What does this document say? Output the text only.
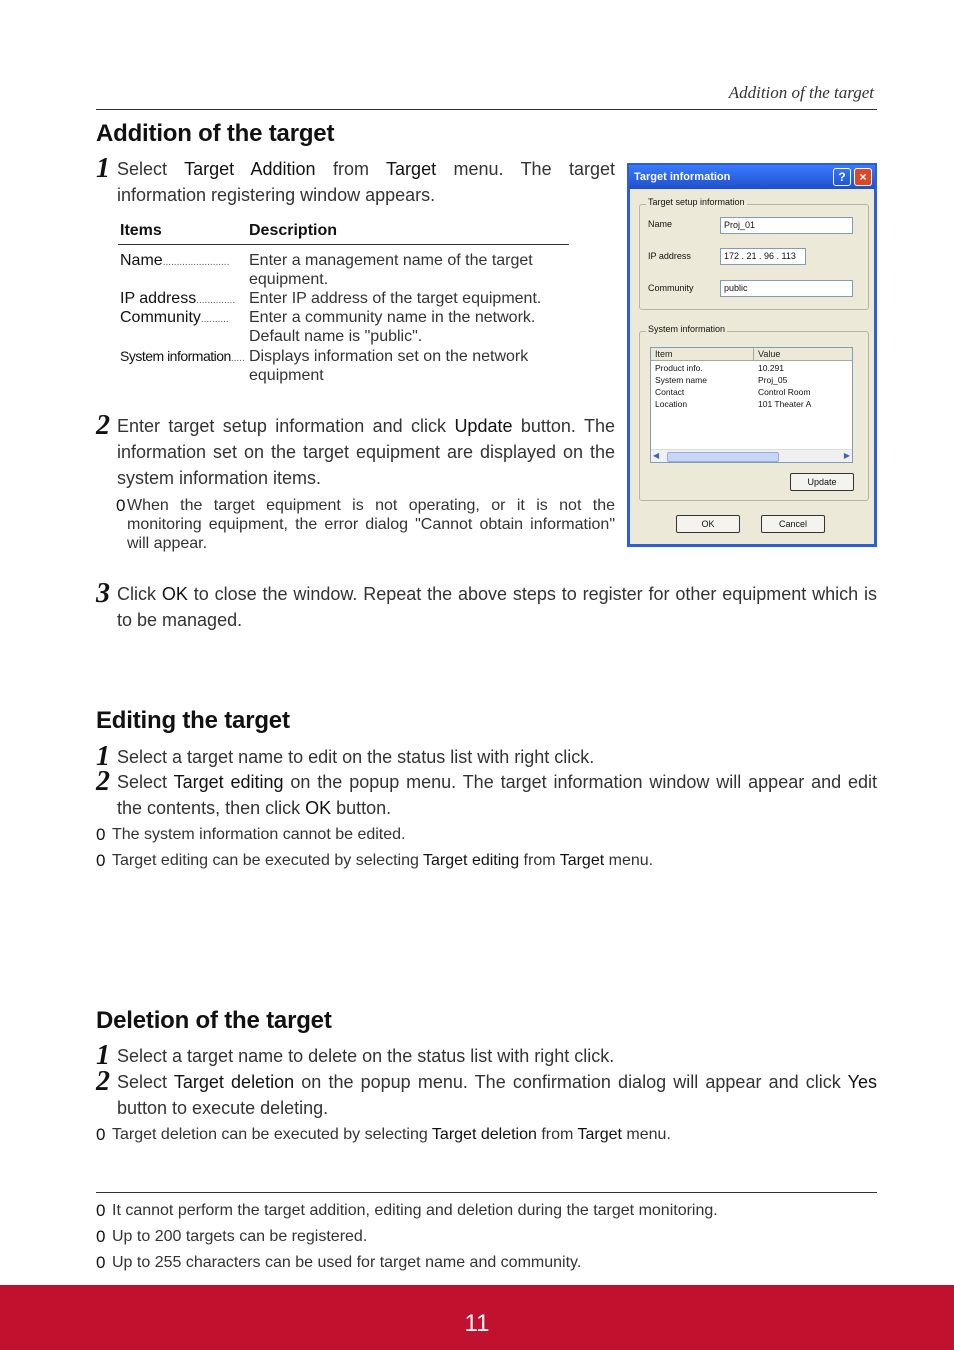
Addition of the target
Addition of the target
1 Select Target Addition from Target menu. The target information registering window appears.
Items	Description
Name........................ Enter a management name of the target equipment.
IP address.............. Enter IP address of the target equipment.
Community.......... Enter a community name in the network. Default name is "public".
System information..... Displays information set on the network equipment
2 Enter target setup information and click Update button. The information set on the target equipment are displayed on the system information items.
0 When the target equipment is not operating, or it is not the monitoring equipment, the error dialog "Cannot obtain information" will appear.
Target information	?	×
Target setup information
Name	Proj_01
IP address	172 . 21 . 96 . 113
Community	public
System information
Item	Value
Product info.	10.291
System name	Proj_05
Contact	Control Room
Location	101 Theater A
◀	▶
Update
OK	Cancel
3 Click OK to close the window. Repeat the above steps to register for other equipment which is to be managed.
Editing the target
1 Select a target name to edit on the status list with right click.
2 Select Target editing on the popup menu. The target information window will appear and edit the contents, then click OK button.
0 The system information cannot be edited.
0 Target editing can be executed by selecting Target editing from Target menu.
Deletion of the target
1 Select a target name to delete on the status list with right click.
2 Select Target deletion on the popup menu. The confirmation dialog will appear and click Yes button to execute deleting.
0 Target deletion can be executed by selecting Target deletion from Target menu.
0 It cannot perform the target addition, editing and deletion during the target monitoring.
0 Up to 200 targets can be registered.
0 Up to 255 characters can be used for target name and community.
11
